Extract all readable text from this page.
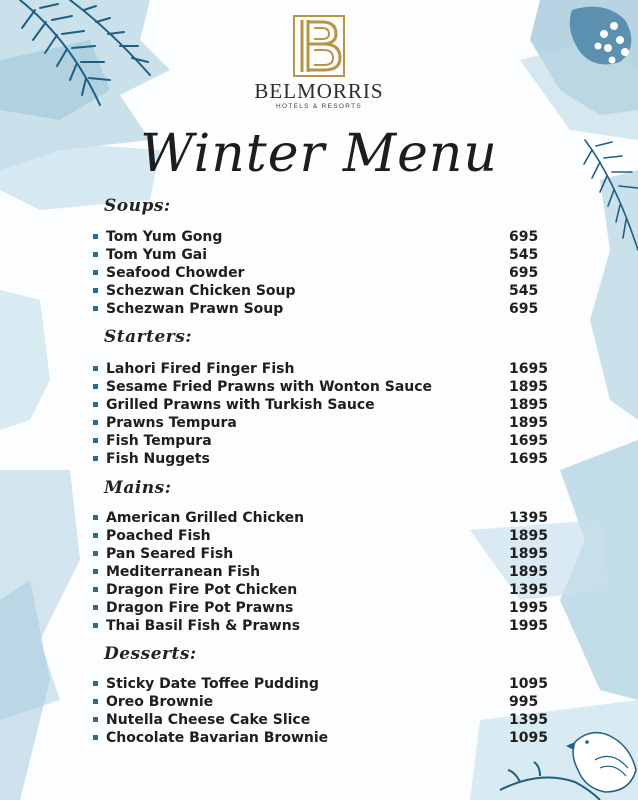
BELMORRIS
HOTELS & RESORTS
Winter Menu
Soups:
Tom Yum Gong	695
Tom Yum Gai	545
Seafood Chowder	695
Schezwan Chicken Soup	545
Schezwan Prawn Soup	695
Starters:
Lahori Fired Finger Fish	1695
Sesame Fried Prawns with Wonton Sauce	1895
Grilled Prawns with Turkish Sauce	1895
Prawns Tempura	1895
Fish Tempura	1695
Fish Nuggets	1695
Mains:
American Grilled Chicken	1395
Poached Fish	1895
Pan Seared Fish	1895
Mediterranean Fish	1895
Dragon Fire Pot Chicken	1395
Dragon Fire Pot Prawns	1995
Thai Basil Fish & Prawns	1995
Desserts:
Sticky Date Toffee Pudding	1095
Oreo Brownie	995
Nutella Cheese Cake Slice	1395
Chocolate Bavarian Brownie	1095
